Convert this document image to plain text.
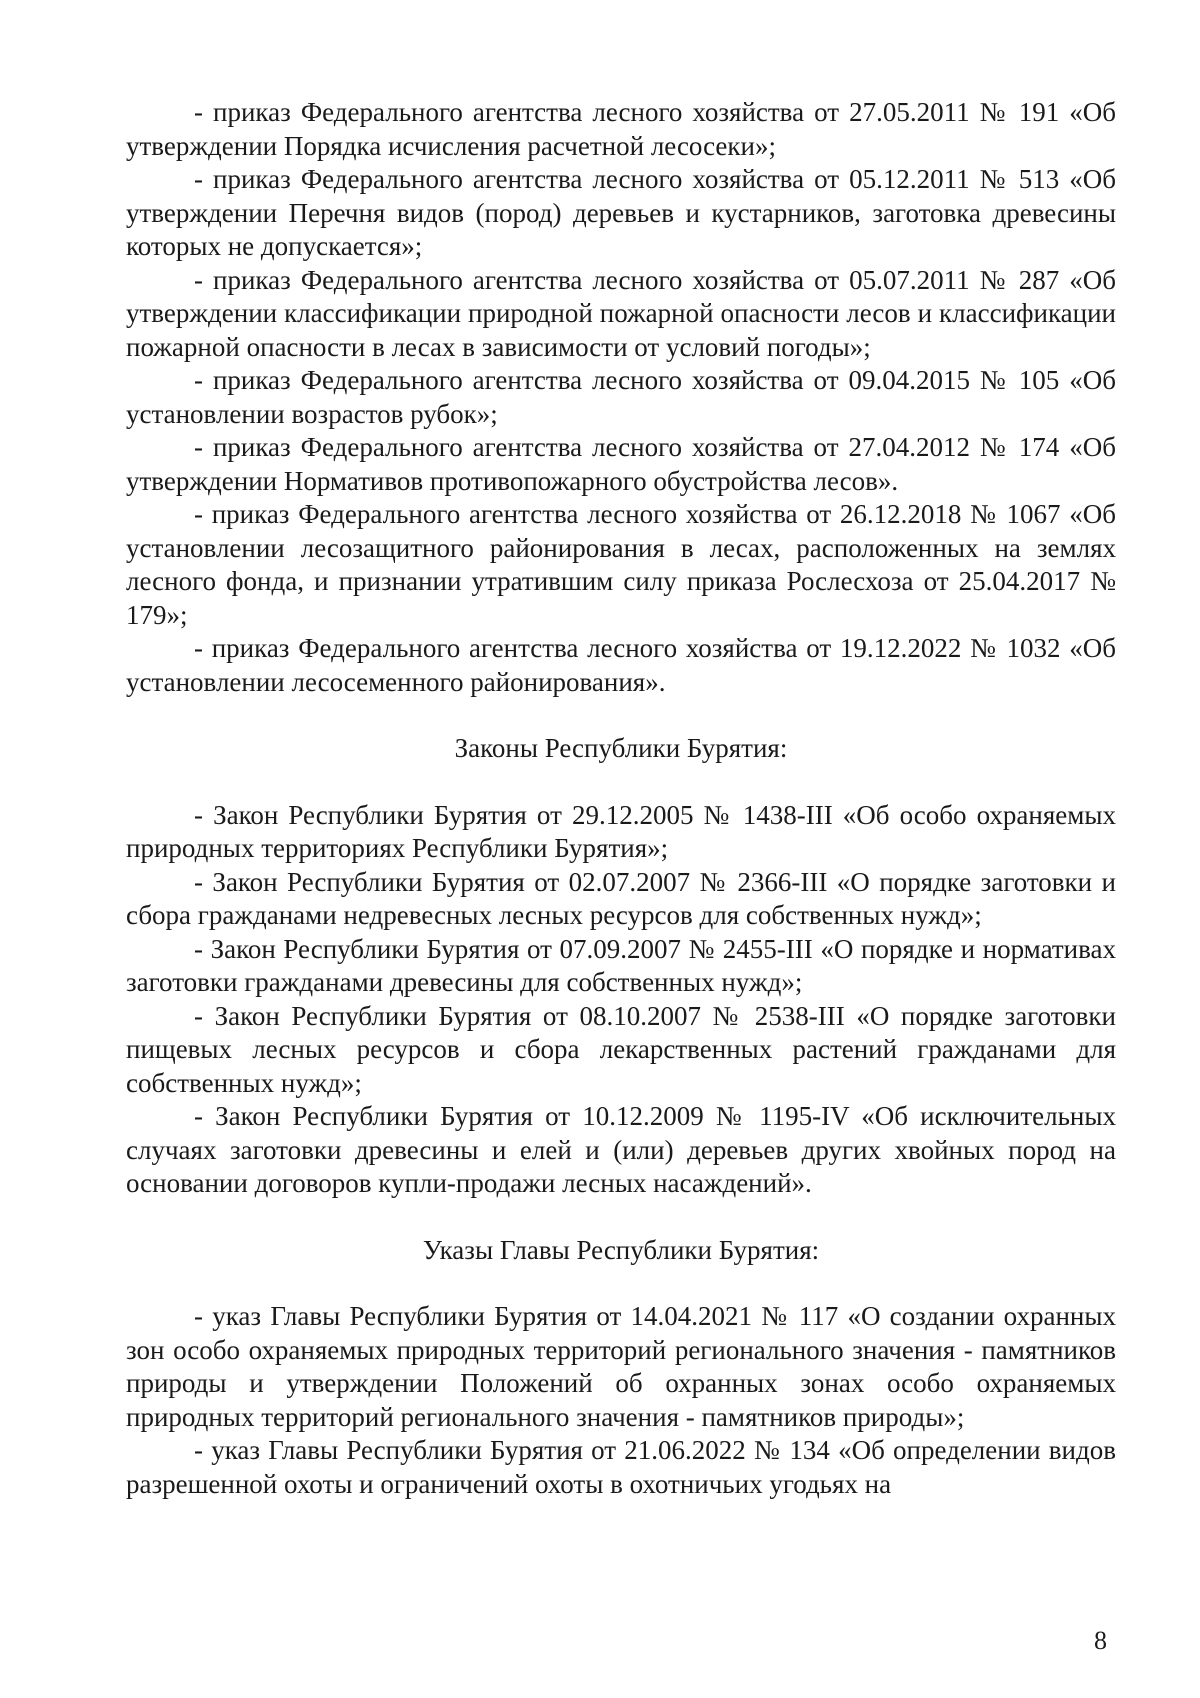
- приказ Федерального агентства лесного хозяйства от 27.05.2011 № 191 «Об утверждении Порядка исчисления расчетной лесосеки»;

- приказ Федерального агентства лесного хозяйства от 05.12.2011 № 513 «Об утверждении Перечня видов (пород) деревьев и кустарников, заготовка древесины которых не допускается»;

- приказ Федерального агентства лесного хозяйства от 05.07.2011 № 287 «Об утверждении классификации природной пожарной опасности лесов и классификации пожарной опасности в лесах в зависимости от условий погоды»;

- приказ Федерального агентства лесного хозяйства от 09.04.2015 № 105 «Об установлении возрастов рубок»;

- приказ Федерального агентства лесного хозяйства от 27.04.2012 № 174 «Об утверждении Нормативов противопожарного обустройства лесов».

- приказ Федерального агентства лесного хозяйства от 26.12.2018 № 1067 «Об установлении лесозащитного районирования в лесах, расположенных на землях лесного фонда, и признании утратившим силу приказа Рослесхоза от 25.04.2017 № 179»;

- приказ Федерального агентства лесного хозяйства от 19.12.2022 № 1032 «Об установлении лесосеменного районирования».

Законы Республики Бурятия:

- Закон Республики Бурятия от 29.12.2005 № 1438-III «Об особо охраняемых природных территориях Республики Бурятия»;

- Закон Республики Бурятия от 02.07.2007 № 2366-III «О порядке заготовки и сбора гражданами недревесных лесных ресурсов для собственных нужд»;

- Закон Республики Бурятия от 07.09.2007 № 2455-III «О порядке и нормативах заготовки гражданами древесины для собственных нужд»;

- Закон Республики Бурятия от 08.10.2007 № 2538-III «О порядке заготовки пищевых лесных ресурсов и сбора лекарственных растений гражданами для собственных нужд»;

- Закон Республики Бурятия от 10.12.2009 № 1195-IV «Об исключительных случаях заготовки древесины и елей и (или) деревьев других хвойных пород на основании договоров купли-продажи лесных насаждений».

Указы Главы Республики Бурятия:

- указ Главы Республики Бурятия от 14.04.2021 № 117 «О создании охранных зон особо охраняемых природных территорий регионального значения - памятников природы и утверждении Положений об охранных зонах особо охраняемых природных территорий регионального значения - памятников природы»;

- указ Главы Республики Бурятия от 21.06.2022 № 134 «Об определении видов разрешенной охоты и ограничений охоты в охотничьих угодьях на

8
